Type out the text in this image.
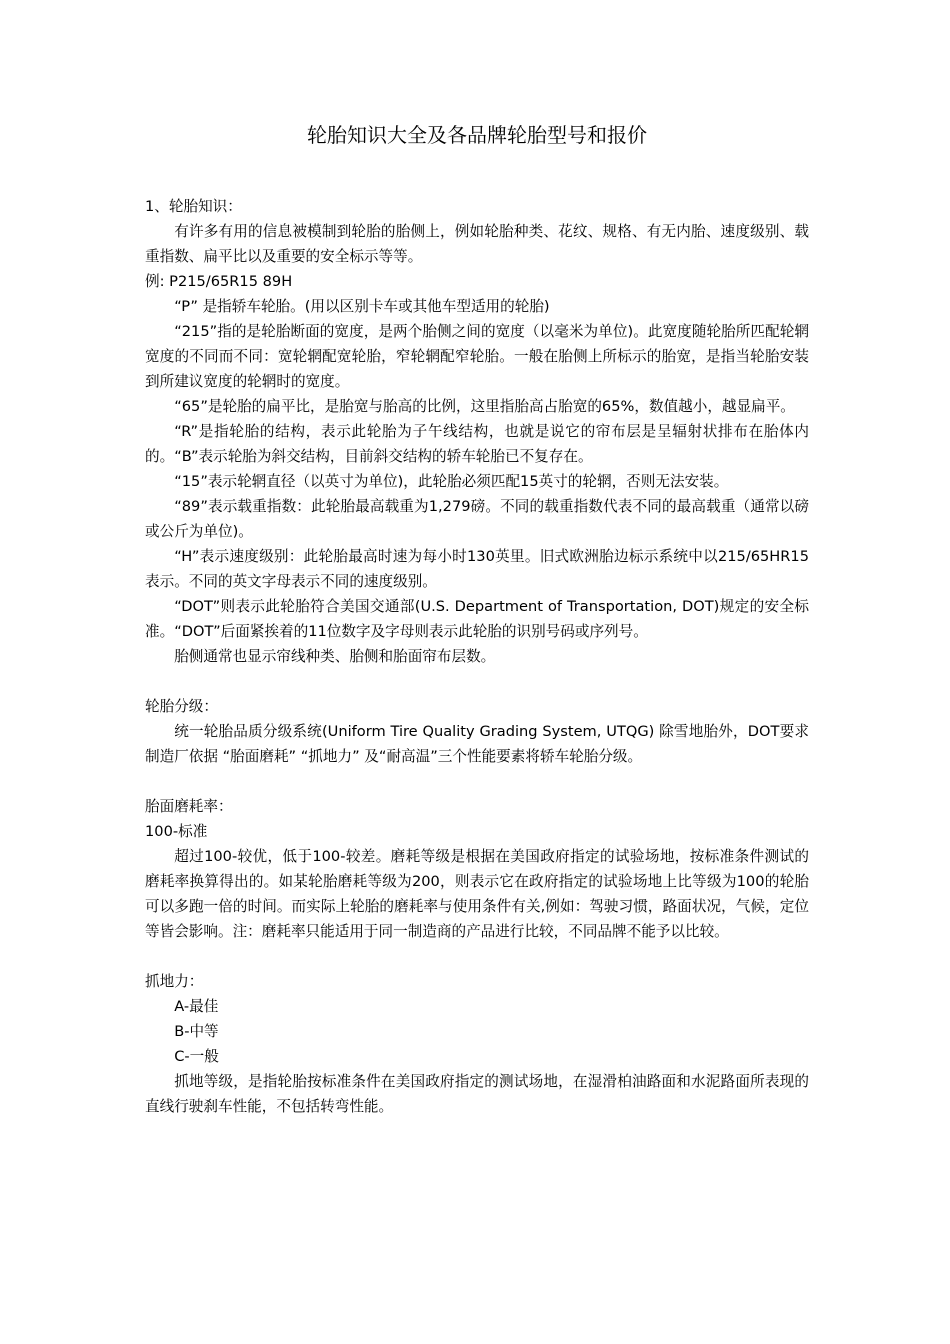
轮胎知识大全及各品牌轮胎型号和报价

1、轮胎知识：

有许多有用的信息被模制到轮胎的胎侧上，例如轮胎种类、花纹、规格、有无内胎、速度级别、载重指数、扁平比以及重要的安全标示等等。

例: P215/65R15 89H

“P” 是指轿车轮胎。(用以区别卡车或其他车型适用的轮胎)

“215”指的是轮胎断面的宽度，是两个胎侧之间的宽度（以毫米为单位)。此宽度随轮胎所匹配轮辋宽度的不同而不同：宽轮辋配宽轮胎，窄轮辋配窄轮胎。一般在胎侧上所标示的胎宽，是指当轮胎安装到所建议宽度的轮辋时的宽度。

“65”是轮胎的扁平比，是胎宽与胎高的比例，这里指胎高占胎宽的65%，数值越小，越显扁平。

“R”是指轮胎的结构，表示此轮胎为子午线结构，也就是说它的帘布层是呈辐射状排布在胎体内的。“B”表示轮胎为斜交结构，目前斜交结构的轿车轮胎已不复存在。

“15”表示轮辋直径（以英寸为单位)，此轮胎必须匹配15英寸的轮辋，否则无法安装。

“89”表示载重指数：此轮胎最高载重为1,279磅。不同的载重指数代表不同的最高载重（通常以磅或公斤为单位)。

“H”表示速度级别：此轮胎最高时速为每小时130英里。旧式欧洲胎边标示系统中以215/65HR15表示。不同的英文字母表示不同的速度级别。

“DOT”则表示此轮胎符合美国交通部(U.S. Department of Transportation, DOT)规定的安全标准。“DOT”后面紧挨着的11位数字及字母则表示此轮胎的识别号码或序列号。

胎侧通常也显示帘线种类、胎侧和胎面帘布层数。

轮胎分级：

统一轮胎品质分级系统(Uniform Tire Quality Grading System, UTQG) 除雪地胎外，DOT要求制造厂依据 “胎面磨耗” “抓地力” 及“耐高温”三个性能要素将轿车轮胎分级。

胎面磨耗率：

100-标准

超过100-较优，低于100-较差。磨耗等级是根据在美国政府指定的试验场地，按标准条件测试的磨耗率换算得出的。如某轮胎磨耗等级为200，则表示它在政府指定的试验场地上比等级为100的轮胎可以多跑一倍的时间。而实际上轮胎的磨耗率与使用条件有关,例如：驾驶习惯，路面状况，气候，定位等皆会影响。注：磨耗率只能适用于同一制造商的产品进行比较，不同品牌不能予以比较。

抓地力：

A-最佳

B-中等

C-一般

抓地等级，是指轮胎按标准条件在美国政府指定的测试场地，在湿滑柏油路面和水泥路面所表现的直线行驶刹车性能，不包括转弯性能。
